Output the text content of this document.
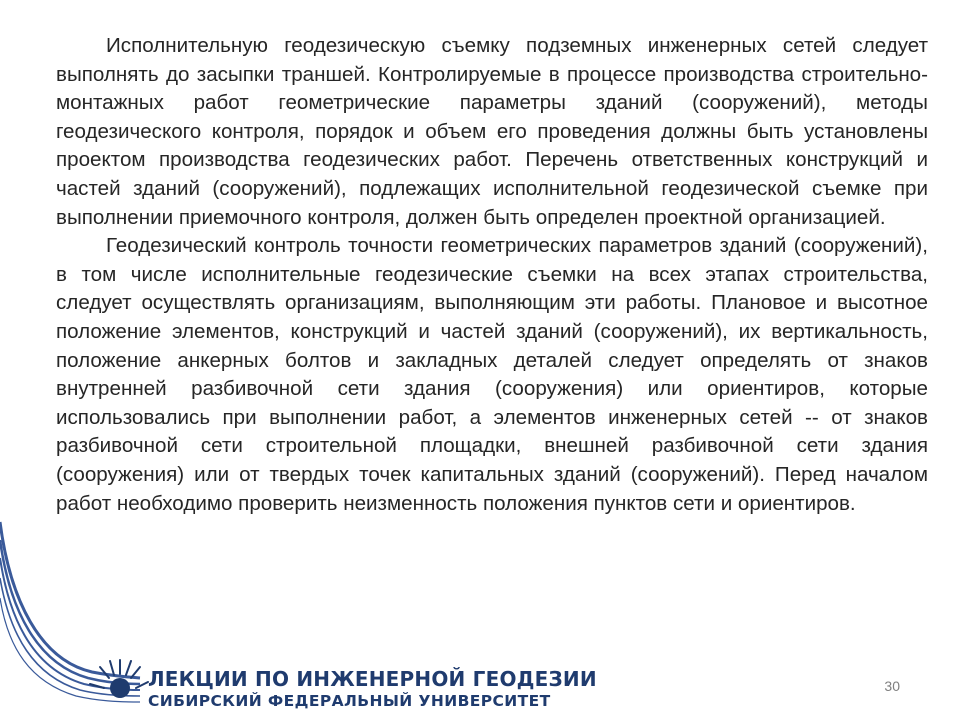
Исполнительную геодезическую съемку подземных инженерных сетей следует выполнять до засыпки траншей. Контролируемые в процессе производства строительно-монтажных работ геометрические параметры зданий (сооружений), методы геодезического контроля, порядок и объем его проведения должны быть установлены проектом производства геодезических работ. Перечень ответственных конструкций и частей зданий (сооружений), подлежащих исполнительной геодезической съемке при выполнении приемочного контроля, должен быть определен проектной организацией.

Геодезический контроль точности геометрических параметров зданий (сооружений), в том числе исполнительные геодезические съемки на всех этапах строительства, следует осуществлять организациям, выполняющим эти работы. Плановое и высотное положение элементов, конструкций и частей зданий (сооружений), их вертикальность, положение анкерных болтов и закладных деталей следует определять от знаков внутренней разбивочной сети здания (сооружения) или ориентиров, которые использовались при выполнении работ, а элементов инженерных сетей -- от знаков разбивочной сети строительной площадки, внешней разбивочной сети здания (сооружения) или от твердых точек капитальных зданий (сооружений). Перед началом работ необходимо проверить неизменность положения пунктов сети и ориентиров.

ЛЕКЦИИ ПО ИНЖЕНЕРНОЙ ГЕОДЕЗИИ
СИБИРСКИЙ ФЕДЕРАЛЬНЫЙ УНИВЕРСИТЕТ
30
